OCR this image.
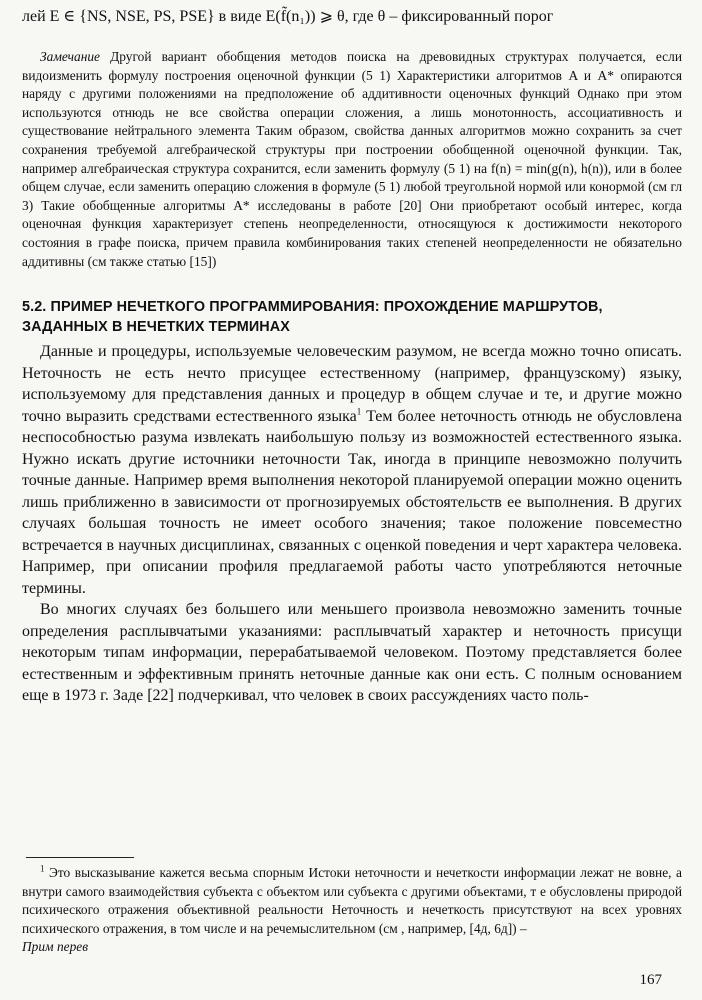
лей E ∈ {NS, NSE, PS, PSE} в виде E(f̃(n₁)) ⩾ θ, где θ – фиксированный порог

Замечание Другой вариант обобщения методов поиска на древовидных структурах получается, если видоизменить формулу построения оценочной функции (5 1) Характеристики алгоритмов A и A* опираются наряду с другими положениями на предположение об аддитивности оценочных функций Однако при этом используются отнюдь не все свойства операции сложения, а лишь монотонность, ассоциативность и существование нейтрального элемента Таким образом, свойства данных алгоритмов можно сохранить за счет сохранения требуемой алгебраической структуры при построении обобщенной оценочной функции. Так, например алгебраическая структура сохранится, если заменить формулу (5 1) на f(n) = min(g(n), h(n)), или в более общем случае, если заменить операцию сложения в формуле (5 1) любой треугольной нормой или конормой (см гл 3) Такие обобщенные алгоритмы A* исследованы в работе [20] Они приобретают особый интерес, когда оценочная функция характеризует степень неопределенности, относящуюся к достижимости некоторого состояния в графе поиска, причем правила комбинирования таких степеней неопределенности не обязательно аддитивны (см также статью [15])

5.2. ПРИМЕР НЕЧЕТКОГО ПРОГРАММИРОВАНИЯ: ПРОХОЖДЕНИЕ МАРШРУТОВ, ЗАДАННЫХ В НЕЧЕТКИХ ТЕРМИНАХ

Данные и процедуры, используемые человеческим разумом, не всегда можно точно описать. Неточность не есть нечто присущее естественному (например, французскому) языку, используемому для представления данных и процедур в общем случае и те, и другие можно точно выразить средствами естественного языка$^1$ Тем более неточность отнюдь не обусловлена неспособностью разума извлекать наибольшую пользу из возможностей естественного языка. Нужно искать другие источники неточности Так, иногда в принципе невозможно получить точные данные. Например время выполнения некоторой планируемой операции можно оценить лишь приближенно в зависимости от прогнозируемых обстоятельств ее выполнения. В других случаях большая точность не имеет особого значения; такое положение повсеместно встречается в научных дисциплинах, связанных с оценкой поведения и черт характера человека. Например, при описании профиля предлагаемой работы часто употребляются неточные термины.

Во многих случаях без большего или меньшего произвола невозможно заменить точные определения расплывчатыми указаниями: расплывчатый характер и неточность присущи некоторым типам информации, перерабатываемой человеком. Поэтому представляется более естественным и эффективным принять неточные данные как они есть. С полным основанием еще в 1973 г. Заде [22] подчеркивал, что человек в своих рассуждениях часто поль-

$^1$ Это высказывание кажется весьма спорным Истоки неточности и нечеткости информации лежат не вовне, а внутри самого взаимодействия субъекта с объектом или субъекта с другими объектами, т е обусловлены природой психического отражения объективной реальности Неточность и нечеткость присутствуют на всех уровнях психического отражения, в том числе и на речемыслительном (см , например, [4д, 6д]) –
Прим перев

167
